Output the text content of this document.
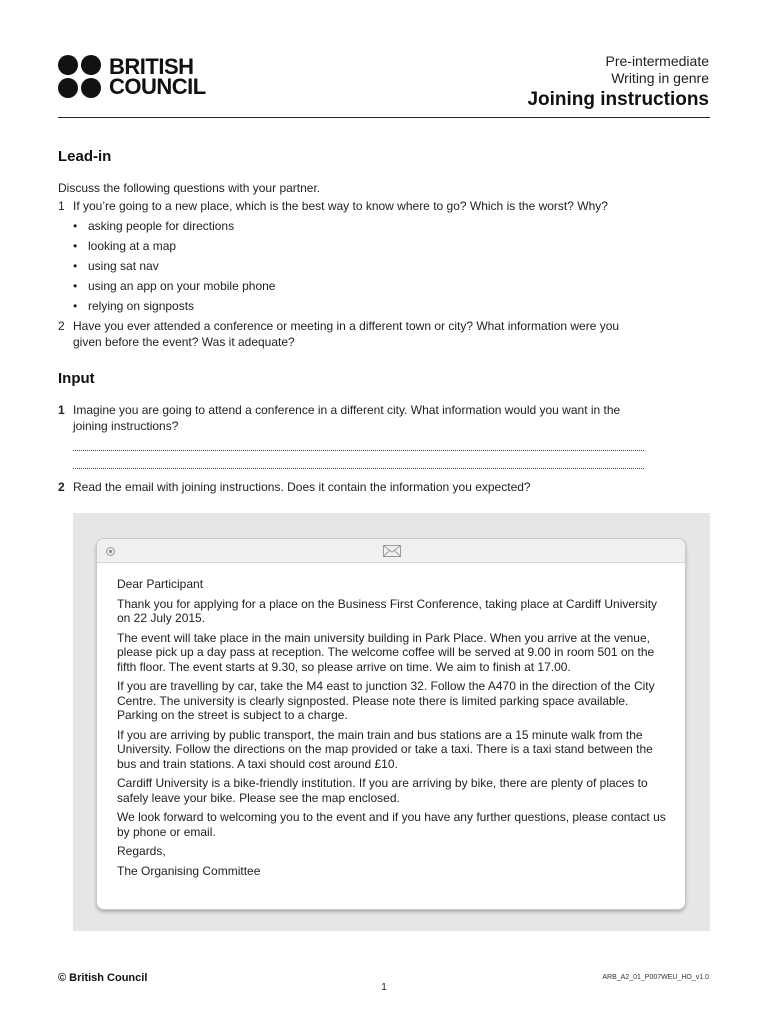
BRITISH
COUNCIL
Pre-intermediate
Writing in genre
Joining instructions
Lead-in
Discuss the following questions with your partner.
1 If you’re going to a new place, which is the best way to know where to go? Which is the worst? Why?
• asking people for directions
• looking at a map
• using sat nav
• using an app on your mobile phone
• relying on signposts
2 Have you ever attended a conference or meeting in a different town or city? What information were you given before the event? Was it adequate?
Input
1 Imagine you are going to attend a conference in a different city. What information would you want in the joining instructions?
2 Read the email with joining instructions. Does it contain the information you expected?

Dear Participant

Thank you for applying for a place on the Business First Conference, taking place at Cardiff University on 22 July 2015.

The event will take place in the main university building in Park Place. When you arrive at the venue, please pick up a day pass at reception. The welcome coffee will be served at 9.00 in room 501 on the fifth floor. The event starts at 9.30, so please arrive on time. We aim to finish at 17.00.

If you are travelling by car, take the M4 east to junction 32. Follow the A470 in the direction of the City Centre. The university is clearly signposted. Please note there is limited parking space available. Parking on the street is subject to a charge.

If you are arriving by public transport, the main train and bus stations are a 15 minute walk from the University. Follow the directions on the map provided or take a taxi. There is a taxi stand between the bus and train stations. A taxi should cost around £10.

Cardiff University is a bike-friendly institution. If you are arriving by bike, there are plenty of places to safely leave your bike. Please see the map enclosed.

We look forward to welcoming you to the event and if you have any further questions, please contact us by phone or email.

Regards,

The Organising Committee

© British Council	ARB_A2_01_P007WEU_HO_v1.0
1
